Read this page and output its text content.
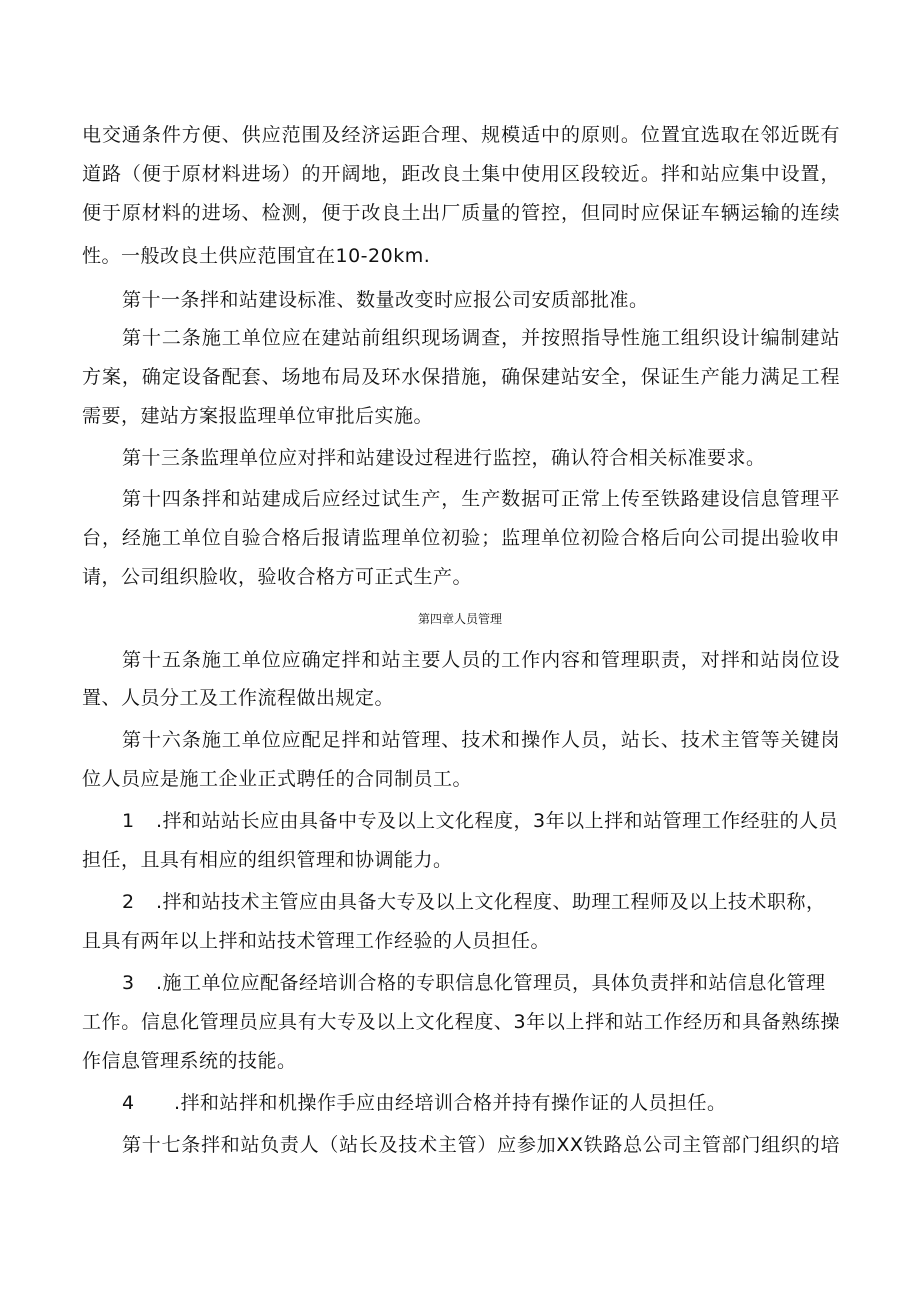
电交通条件方便、供应范围及经济运距合理、规模适中的原则。位置宜选取在邻近既有
道路（便于原材料进场）的开阔地，距改良土集中使用区段较近。拌和站应集中设置，
便于原材料的进场、检测，便于改良土出厂质量的管控，但同时应保证车辆运输的连续
性。一般改良土供应范围宜在10-20km.
第十一条拌和站建设标准、数量改变时应报公司安质部批准。
第十二条施工单位应在建站前组织现场调查，并按照指导性施工组织设计编制建站
方案，确定设备配套、场地布局及环水保措施，确保建站安全，保证生产能力满足工程
需要，建站方案报监理单位审批后实施。
第十三条监理单位应对拌和站建设过程进行监控，确认符合相关标准要求。
第十四条拌和站建成后应经过试生产，生产数据可正常上传至铁路建设信息管理平
台，经施工单位自验合格后报请监理单位初验；监理单位初险合格后向公司提出验收申
请，公司组织脸收，验收合格方可正式生产。
第四章人员管理
第十五条施工单位应确定拌和站主要人员的工作内容和管理职责，对拌和站岗位设
置、人员分工及工作流程做出规定。
第十六条施工单位应配足拌和站管理、技术和操作人员，站长、技术主管等关键岗
位人员应是施工企业正式聘任的合同制员工。
1 .拌和站站长应由具备中专及以上文化程度，3年以上拌和站管理工作经驻的人员
担任，且具有相应的组织管理和协调能力。
2 .拌和站技术主管应由具备大专及以上文化程度、助理工程师及以上技术职称，
且具有两年以上拌和站技术管理工作经验的人员担任。
3 .施工单位应配备经培训合格的专职信息化管理员，具体负责拌和站信息化管理
工作。信息化管理员应具有大专及以上文化程度、3年以上拌和站工作经历和具备熟练操
作信息管理系统的技能。
4 .拌和站拌和机操作手应由经培训合格并持有操作证的人员担任。
第十七条拌和站负责人（站长及技术主管）应参加XX铁路总公司主管部门组织的培
